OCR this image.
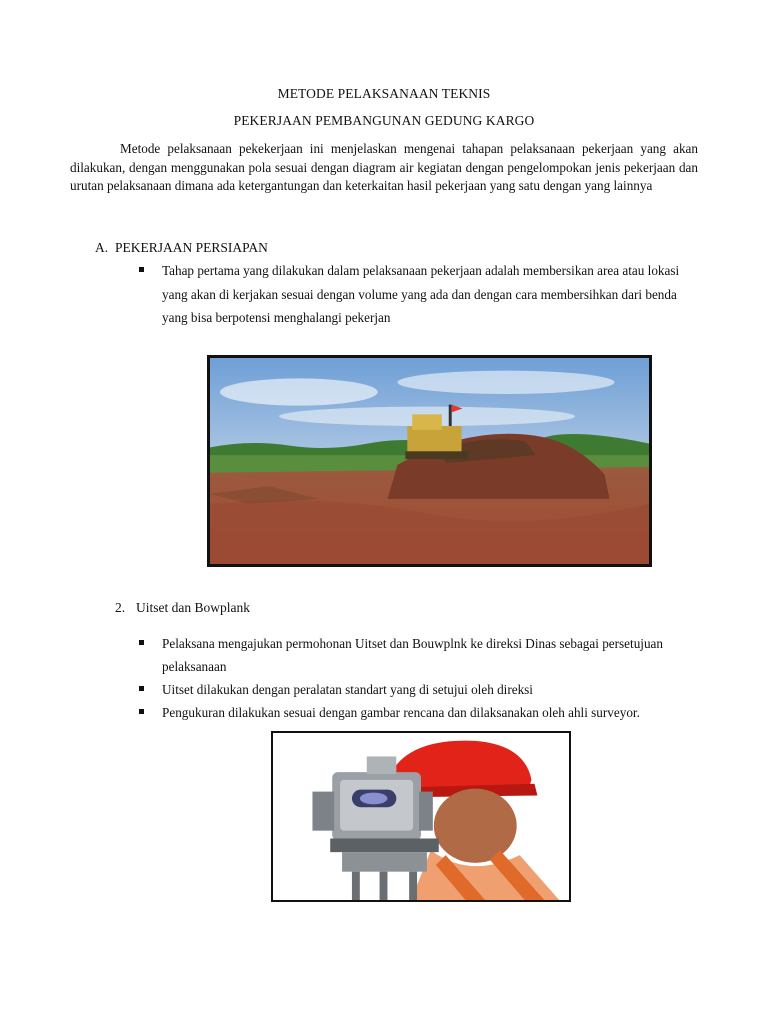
METODE PELAKSANAAN TEKNIS
PEKERJAAN PEMBANGUNAN GEDUNG KARGO
Metode pelaksanaan pekekerjaan ini menjelaskan mengenai tahapan pelaksanaan pekerjaan yang akan dilakukan, dengan menggunakan pola sesuai dengan diagram air kegiatan dengan pengelompokan jenis pekerjaan dan urutan pelaksanaan dimana ada ketergantungan dan keterkaitan hasil pekerjaan yang satu dengan yang lainnya
A. PEKERJAAN PERSIAPAN
Tahap pertama yang dilakukan dalam pelaksanaan pekerjaan adalah membersikan area atau lokasi yang akan di kerjakan sesuai dengan volume yang ada dan dengan cara membersihkan dari benda yang bisa berpotensi menghalangi pekerjan
2. Uitset dan Bowplank
Pelaksana mengajukan permohonan Uitset dan Bouwplnk ke direksi Dinas sebagai persetujuan pelaksanaan
Uitset dilakukan dengan peralatan standart yang di setujui oleh direksi
Pengukuran dilakukan sesuai dengan gambar rencana dan dilaksanakan oleh ahli surveyor.
